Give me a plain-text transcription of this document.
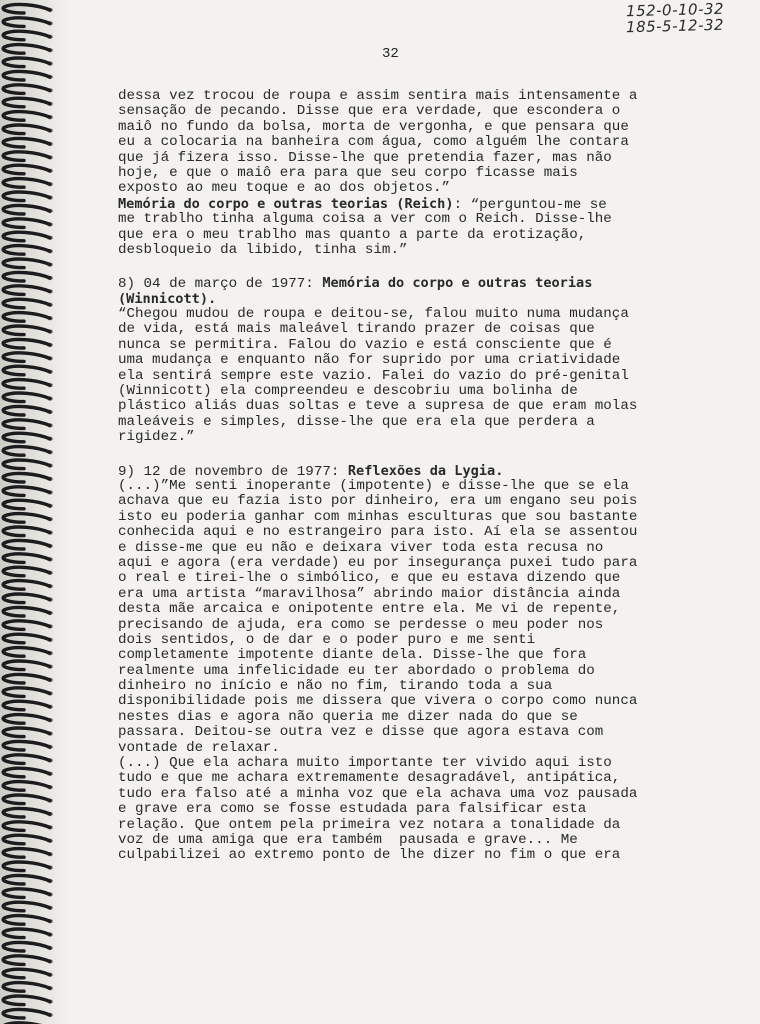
152-0-10-32
185-5-12-32
32
dessa vez trocou de roupa e assim sentira mais intensamente a
sensação de pecando. Disse que era verdade, que escondera o
maiô no fundo da bolsa, morta de vergonha, e que pensara que
eu a colocaria na banheira com água, como alguém lhe contara
que já fizera isso. Disse-lhe que pretendia fazer, mas não
hoje, e que o maiô era para que seu corpo ficasse mais
exposto ao meu toque e ao dos objetos.”
Memória do corpo e outras teorias (Reich): “perguntou-me se
me trablho tinha alguma coisa a ver com o Reich. Disse-lhe
que era o meu trablho mas quanto a parte da erotização,
desbloqueio da libido, tinha sim.”
8) 04 de março de 1977: Memória do corpo e outras teorias
(Winnicott).
“Chegou mudou de roupa e deitou-se, falou muito numa mudança
de vida, está mais maleável tirando prazer de coisas que
nunca se permitira. Falou do vazio e está consciente que é
uma mudança e enquanto não for suprido por uma criatividade
ela sentirá sempre este vazio. Falei do vazio do pré-genital
(Winnicott) ela compreendeu e descobriu uma bolinha de
plástico aliás duas soltas e teve a supresa de que eram molas
maleáveis e simples, disse-lhe que era ela que perdera a
rigidez.”
9) 12 de novembro de 1977: Reflexões da Lygia.
(...)”Me senti inoperante (impotente) e disse-lhe que se ela
achava que eu fazia isto por dinheiro, era um engano seu pois
isto eu poderia ganhar com minhas esculturas que sou bastante
conhecida aqui e no estrangeiro para isto. Aí ela se assentou
e disse-me que eu não e deixara viver toda esta recusa no
aqui e agora (era verdade) eu por insegurança puxei tudo para
o real e tirei-lhe o simbólico, e que eu estava dizendo que
era uma artista “maravilhosa” abrindo maior distância ainda
desta mãe arcaica e onipotente entre ela. Me vi de repente,
precisando de ajuda, era como se perdesse o meu poder nos
dois sentidos, o de dar e o poder puro e me senti
completamente impotente diante dela. Disse-lhe que fora
realmente uma infelicidade eu ter abordado o problema do
dinheiro no início e não no fim, tirando toda a sua
disponibilidade pois me dissera que vivera o corpo como nunca
nestes dias e agora não queria me dizer nada do que se
passara. Deitou-se outra vez e disse que agora estava com
vontade de relaxar.
(...) Que ela achara muito importante ter vivido aqui isto
tudo e que me achara extremamente desagradável, antipática,
tudo era falso até a minha voz que ela achava uma voz pausada
e grave era como se fosse estudada para falsificar esta
relação. Que ontem pela primeira vez notara a tonalidade da
voz de uma amiga que era também  pausada e grave... Me
culpabilizei ao extremo ponto de lhe dizer no fim o que era
